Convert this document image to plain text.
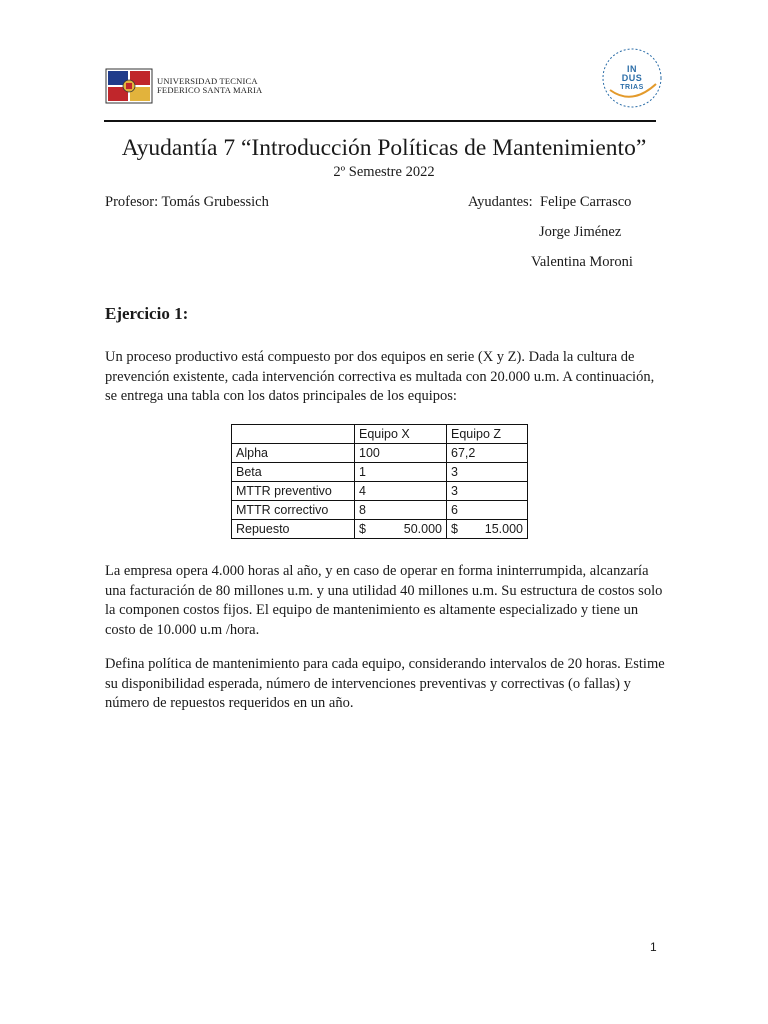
UNIVERSIDAD TECNICA
FEDERICO SANTA MARIA
IN
DUS
TRIAS
Ayudantía 7 “Introducción Políticas de Mantenimiento”
2º Semestre 2022
Profesor: Tomás Grubessich	Ayudantes: Felipe Carrasco
Jorge Jiménez
Valentina Moroni
Ejercicio 1:
Un proceso productivo está compuesto por dos equipos en serie (X y Z). Dada la cultura de prevención existente, cada intervención correctiva es multada con 20.000 u.m. A continuación, se entrega una tabla con los datos principales de los equipos:
	Equipo X	Equipo Z
Alpha	100	67,2
Beta	1	3
MTTR preventivo	4	3
MTTR correctivo	8	6
Repuesto	$ 50.000	$ 15.000
La empresa opera 4.000 horas al año, y en caso de operar en forma ininterrumpida, alcanzaría una facturación de 80 millones u.m. y una utilidad 40 millones u.m. Su estructura de costos solo la componen costos fijos. El equipo de mantenimiento es altamente especializado y tiene un costo de 10.000 u.m /hora.
Defina política de mantenimiento para cada equipo, considerando intervalos de 20 horas. Estime su disponibilidad esperada, número de intervenciones preventivas y correctivas (o fallas) y número de repuestos requeridos en un año.
1
